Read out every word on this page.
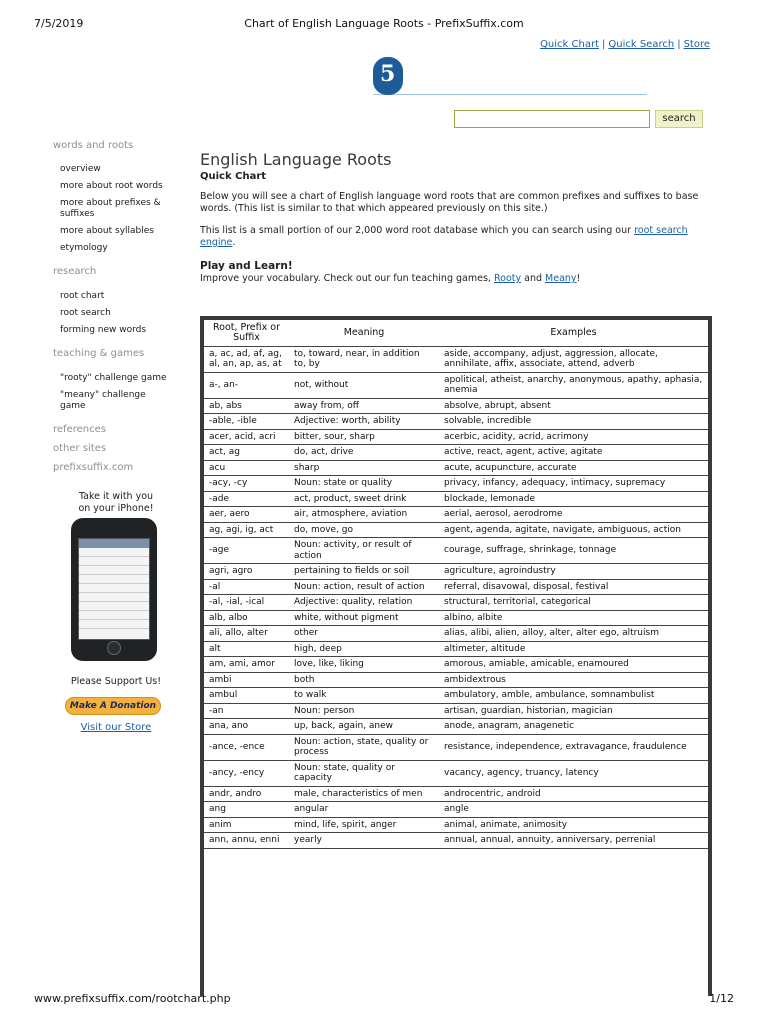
7/5/2019	Chart of English Language Roots - PrefixSuffix.com
Quick Chart | Quick Search | Store
5
search
words and roots
overview
more about root words
more about prefixes & suffixes
more about syllables
etymology
research
root chart
root search
forming new words
teaching & games
"rooty" challenge game
"meany" challenge game
references
other sites
prefixsuffix.com
Take it with you
on your iPhone!
Please Support Us!
Make A Donation
Visit our Store
English Language Roots
Quick Chart

Below you will see a chart of English language word roots that are common prefixes and suffixes to base words. (This list is similar to that which appeared previously on this site.)

This list is a small portion of our 2,000 word root database which you can search using our root search engine.

Play and Learn!

Improve your vocabulary. Check out our fun teaching games, Rooty and Meany!

Root, Prefix or Suffix	Meaning	Examples
a, ac, ad, af, ag, al, an, ap, as, at	to, toward, near, in addition to, by	aside, accompany, adjust, aggression, allocate, annihilate, affix, associate, attend, adverb
a-, an-	not, without	apolitical, atheist, anarchy, anonymous, apathy, aphasia, anemia
ab, abs	away from, off	absolve, abrupt, absent
-able, -ible	Adjective: worth, ability	solvable, incredible
acer, acid, acri	bitter, sour, sharp	acerbic, acidity, acrid, acrimony
act, ag	do, act, drive	active, react, agent, active, agitate
acu	sharp	acute, acupuncture, accurate
-acy, -cy	Noun: state or quality	privacy, infancy, adequacy, intimacy, supremacy
-ade	act, product, sweet drink	blockade, lemonade
aer, aero	air, atmosphere, aviation	aerial, aerosol, aerodrome
ag, agi, ig, act	do, move, go	agent, agenda, agitate, navigate, ambiguous, action
-age	Noun: activity, or result of action	courage, suffrage, shrinkage, tonnage
agri, agro	pertaining to fields or soil	agriculture, agroindustry
-al	Noun: action, result of action	referral, disavowal, disposal, festival
-al, -ial, -ical	Adjective: quality, relation	structural, territorial, categorical
alb, albo	white, without pigment	albino, albite
ali, allo, alter	other	alias, alibi, alien, alloy, alter, alter ego, altruism
alt	high, deep	altimeter, altitude
am, ami, amor	love, like, liking	amorous, amiable, amicable, enamoured
ambi	both	ambidextrous
ambul	to walk	ambulatory, amble, ambulance, somnambulist
-an	Noun: person	artisan, guardian, historian, magician
ana, ano	up, back, again, anew	anode, anagram, anagenetic
-ance, -ence	Noun: action, state, quality or process	resistance, independence, extravagance, fraudulence
-ancy, -ency	Noun: state, quality or capacity	vacancy, agency, truancy, latency
andr, andro	male, characteristics of men	androcentric, android
ang	angular	angle
anim	mind, life, spirit, anger	animal, animate, animosity
ann, annu, enni	yearly	annual, annual, annuity, anniversary, perrenial
www.prefixsuffix.com/rootchart.php	1/12
